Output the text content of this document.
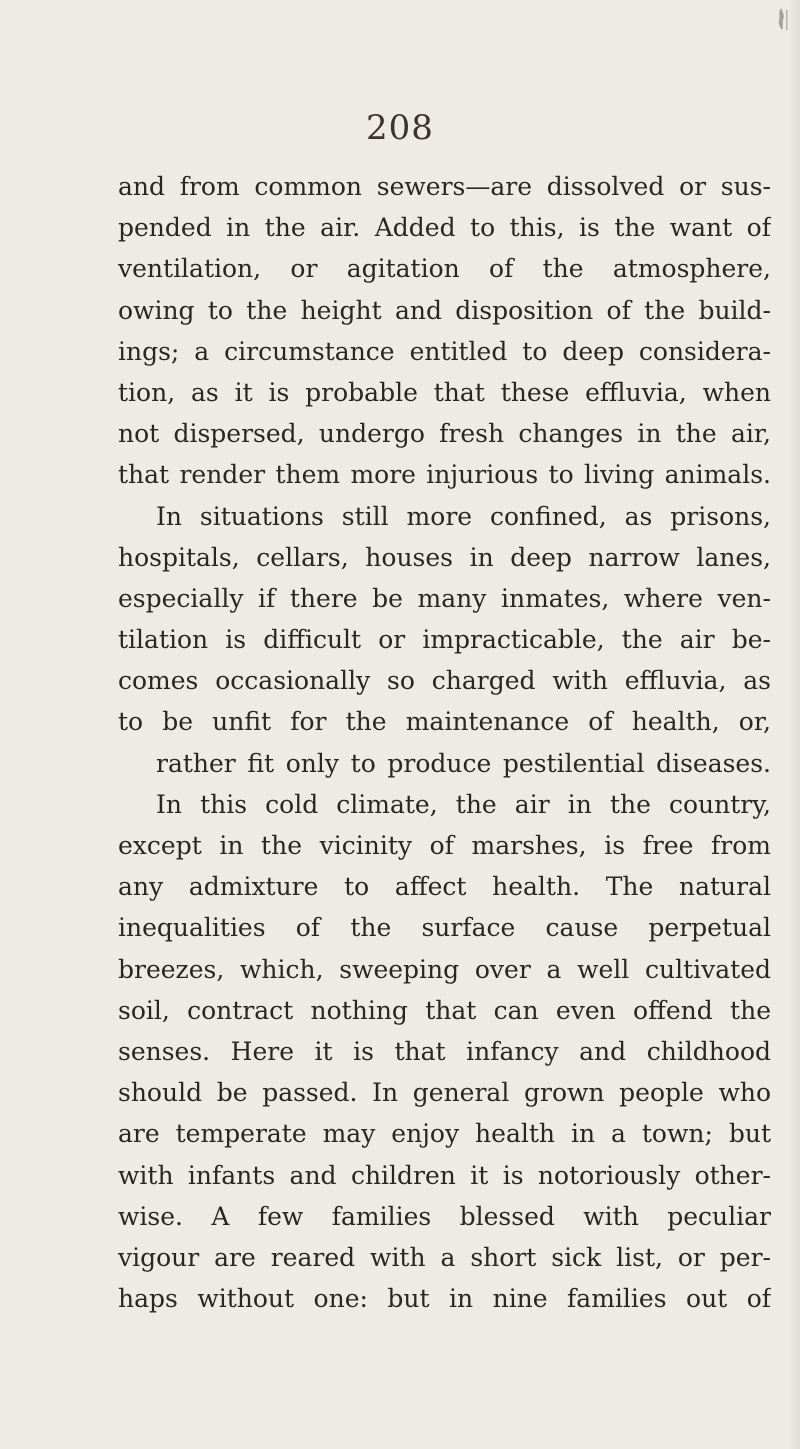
208
and from common sewers—are dissolved or sus-
pended in the air. Added to this, is the want of
ventilation, or agitation of the atmosphere,
owing to the height and disposition of the build-
ings; a circumstance entitled to deep considera-
tion, as it is probable that these effluvia, when
not dispersed, undergo fresh changes in the air,
that render them more injurious to living animals.
In situations still more confined, as prisons,
hospitals, cellars, houses in deep narrow lanes,
especially if there be many inmates, where ven-
tilation is difficult or impracticable, the air be-
comes occasionally so charged with effluvia, as
to be unfit for the maintenance of health, or,
rather fit only to produce pestilential diseases.
In this cold climate, the air in the country,
except in the vicinity of marshes, is free from
any admixture to affect health. The natural
inequalities of the surface cause perpetual
breezes, which, sweeping over a well cultivated
soil, contract nothing that can even offend the
senses. Here it is that infancy and childhood
should be passed. In general grown people who
are temperate may enjoy health in a town; but
with infants and children it is notoriously other-
wise. A few families blessed with peculiar
vigour are reared with a short sick list, or per-
haps without one: but in nine families out of
